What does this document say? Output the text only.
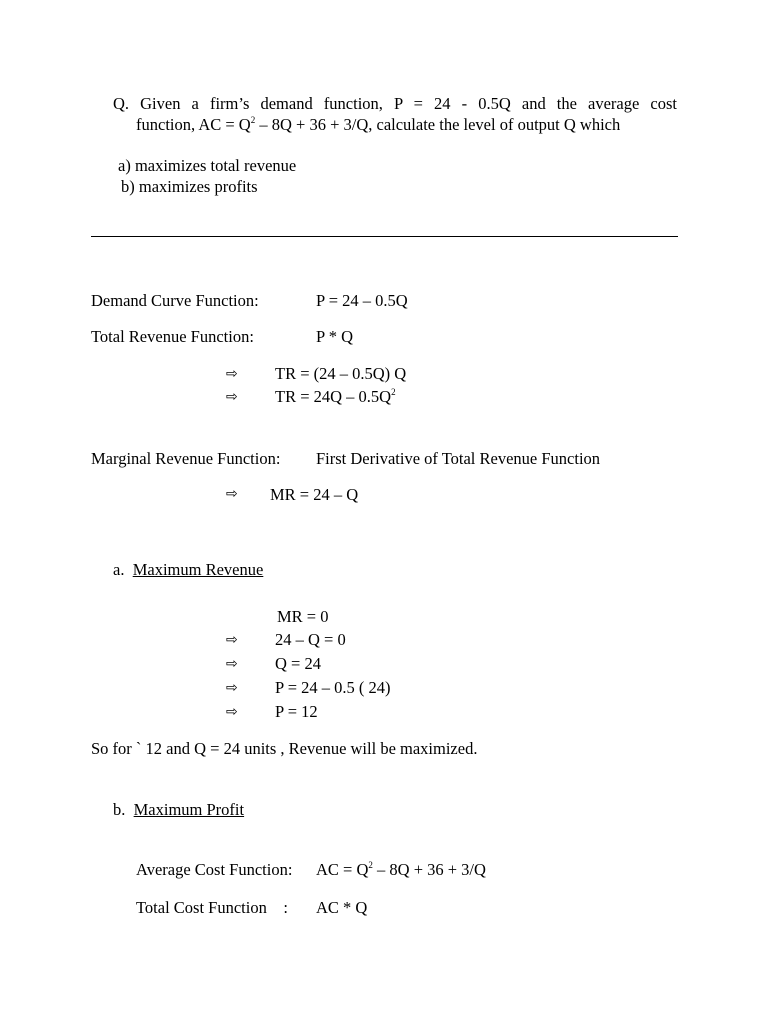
Q. Given a firm’s demand function, P = 24 - 0.5Q and the average cost
function, AC = $Q^2 - 8Q + 36 + 3/Q$, calculate the level of output Q which
a) maximizes total revenue
b) maximizes profits
Demand Curve Function:	P = 24 – 0.5Q
Total Revenue Function:	P * Q
⇨ TR = (24 – 0.5Q) Q
⇨ TR = $24Q - 0.5Q^2$
Marginal Revenue Function: First Derivative of Total Revenue Function
⇨ MR = 24 – Q
a. Maximum Revenue
MR = 0
⇨ 24 – Q = 0
⇨ Q = 24
⇨ P = 24 – 0.5 ( 24)
⇨ P = 12
So for ` 12 and Q = 24 units , Revenue will be maximized.
b. Maximum Profit
Average Cost Function: AC = $Q^2 - 8Q + 36 + 3/Q$
Total Cost Function    : AC * Q
